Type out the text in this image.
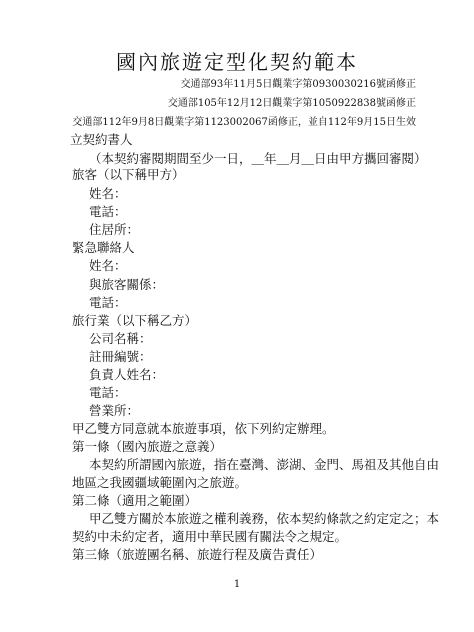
國內旅遊定型化契約範本
交通部93年11月5日觀業字第0930030216號函修正
交通部105年12月12日觀業字第1050922838號函修正
交通部112年9月8日觀業字第1123002067函修正，並自112年9月15日生效
立契約書人
（本契約審閱期間至少一日，＿年＿月＿日由甲方攜回審閱）
旅客（以下稱甲方）
姓名：
電話：
住居所：
緊急聯絡人
姓名：
與旅客關係：
電話：
旅行業（以下稱乙方）
公司名稱：
註冊編號：
負責人姓名：
電話：
營業所：
甲乙雙方同意就本旅遊事項，依下列約定辦理。
第一條（國內旅遊之意義）
本契約所謂國內旅遊，指在臺灣、澎湖、金門、馬祖及其他自由
地區之我國疆域範圍內之旅遊。
第二條（適用之範圍）
甲乙雙方關於本旅遊之權利義務，依本契約條款之約定定之；本
契約中未約定者，適用中華民國有關法令之規定。
第三條（旅遊團名稱、旅遊行程及廣告責任）
1
